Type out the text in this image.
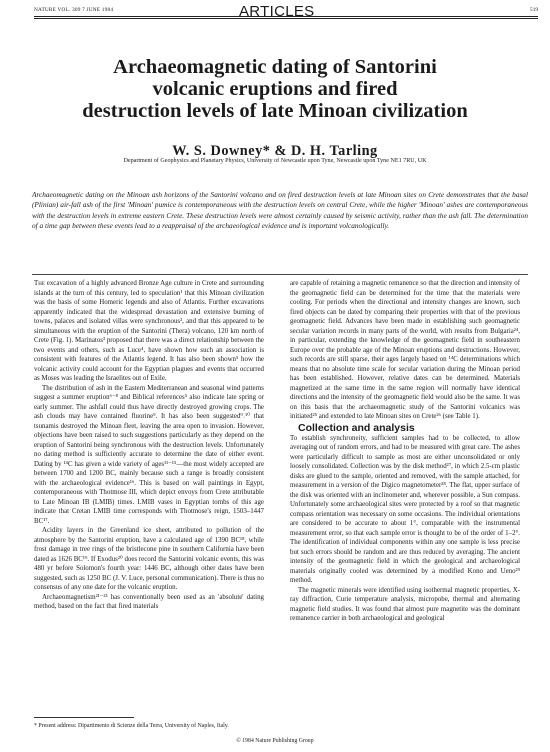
NATURE VOL. 309 7 JUNE 1984	ARTICLES	519
Archaeomagnetic dating of Santorini
volcanic eruptions and fired
destruction levels of late Minoan civilization
W. S. Downey* & D. H. Tarling
Department of Geophysics and Planetary Physics, University of Newcastle upon Tyne, Newcastle upon Tyne NE1 7RU, UK

Archaeomagnetic dating on the Minoan ash horizons of the Santorini volcano and on fired destruction levels at late Minoan sites on Crete demonstrates that the basal (Plinian) air-fall ash of the first 'Minoan' pumice is contemporaneous with the destruction levels on central Crete, while the higher 'Minoan' ashes are contemporaneous with the destruction levels in extreme eastern Crete. These destruction levels were almost certainly caused by seismic activity, rather than the ash fall. The determination of a time gap between these events lead to a reappraisal of the archaeological evidence and is important volcanologically.

The excavation of a highly advanced Bronze Age culture in Crete and surrounding islands at the turn of this century, led to speculation¹ that this Minoan civilization was the basis of some Homeric legends and also of Atlantis. Further excavations apparently indicated that the widespread devastation and extensive burning of towns, palaces and isolated villas were synchronous², and that this appeared to be simultaneous with the eruption of the Santorini (Thera) volcano, 120 km north of Crete (Fig. 1). Marinatos³ proposed that there was a direct relationship between the two events and others, such as Luce⁴, have shown how such an association is consistent with features of the Atlantis legend. It has also been shown⁵ how the volcanic activity could account for the Egyptian plagues and events that occurred as Moses was leading the Israelites out of Exile.

The distribution of ash in the Eastern Mediterranean and seasonal wind patterns suggest a summer eruption⁶⁻⁸ and Biblical references⁵ also indicate late spring or early summer. The ashfall could thus have directly destroyed growing crops. The ash clouds may have contained fluorine⁹. It has also been suggested⁹˒¹⁰ that tsunamis destroyed the Minoan fleet, leaving the area open to invasion. However, objections have been raised to such suggestions particularly as they depend on the eruption of Santorini being synchronous with the destruction levels. Unfortunately no dating method is sufficiently accurate to determine the date of either event. Dating by ¹⁴C has given a wide variety of ages¹¹⁻¹⁵—the most widely accepted are between 1700 and 1200 BC, mainly because such a range is broadly consistent with the archaeological evidence¹⁶. This is based on wall paintings in Egypt, contemporaneous with Thotmose III, which depict envoys from Crete attributable to Late Minoan IB (LMIB) times. LMIB vases in Egyptian tombs of this age indicate that Cretan LMIB time corresponds with Thotmose's reign, 1503–1447 BC¹⁷.

Acidity layers in the Greenland ice sheet, attributed to pollution of the atmosphere by the Santorini eruption, have a calculated age of 1390 BC¹⁸, while frost damage in tree rings of the bristlecone pine in southern California have been dated as 1626 BC¹⁹. If Exodus²⁰ does record the Santorini volcanic events, this was 480 yr before Solomon's fourth year: 1446 BC, although other dates have been suggested, such as 1250 BC (J. V. Luce, personal communication). There is thus no consensus of any one date for the volcanic eruption.

Archaeomagnetism²¹⁻²³ has conventionally been used as an 'absolute' dating method, based on the fact that fired materials

are capable of retaining a magnetic remanence so that the direction and intensity of the geomagnetic field can be determined for the time that the materials were cooling. For periods when the directional and intensity changes are known, such fired objects can be dated by comparing their properties with that of the previous geomagnetic field. Advances have been made in establishing such geomagnetic secular variation records in many parts of the world, with results from Bulgaria²⁴, in particular, extending the knowledge of the geomagnetic field in southeastern Europe over the probable age of the Minoan eruptions and destructions. However, such records are still sparse, their ages largely based on ¹⁴C determinations which means that no absolute time scale for secular variation during the Minoan period has been established. However, relative dates can be determined. Materials magnetized at the same time in the same region will normally have identical directions and the intensity of the geomagnetic field would also be the same. It was on this basis that the archaeomagnetic study of the Santorini volcanics was initiated²⁵ and extended to late Minoan sites on Crete²⁶ (see Table 1).

Collection and analysis

To establish synchroneity, sufficient samples had to be collected, to allow averaging out of random errors, and had to be measured with great care. The ashes were particularly difficult to sample as most are either unconsolidated or only loosely consolidated. Collection was by the disk method²⁷, in which 2.5-cm plastic disks are glued to the sample, oriented and removed, with the sample attached, for measurement in a version of the Digico magnetometer²⁸. The flat, upper surface of the disk was oriented with an inclinometer and, wherever possible, a Sun compass. Unfortunately some archaeological sites were protected by a roof so that magnetic compass orientation was necessary on some occasions. The individual orientations are considered to be accurate to about 1°, comparable with the instrumental measurement error, so that each sample error is thought to be of the order of 1–2°. The identification of individual components within any one sample is less precise but such errors should be random and are thus reduced by averaging. The ancient intensity of the geomagnetic field in which the geological and archaeological materials originally cooled was determined by a modified Kono and Ueno²⁹ method.

The magnetic minerals were identified using isothermal magnetic properties, X-ray diffraction, Curie temperature analysis, micropobe, thermal and alternating magnetic field studies. It was found that almost pure magnetite was the dominant remanence carrier in both archaeological and geological

* Present address: Dipartimento di Scienze della Terra, University of Naples, Italy.
© 1984 Nature Publishing Group
